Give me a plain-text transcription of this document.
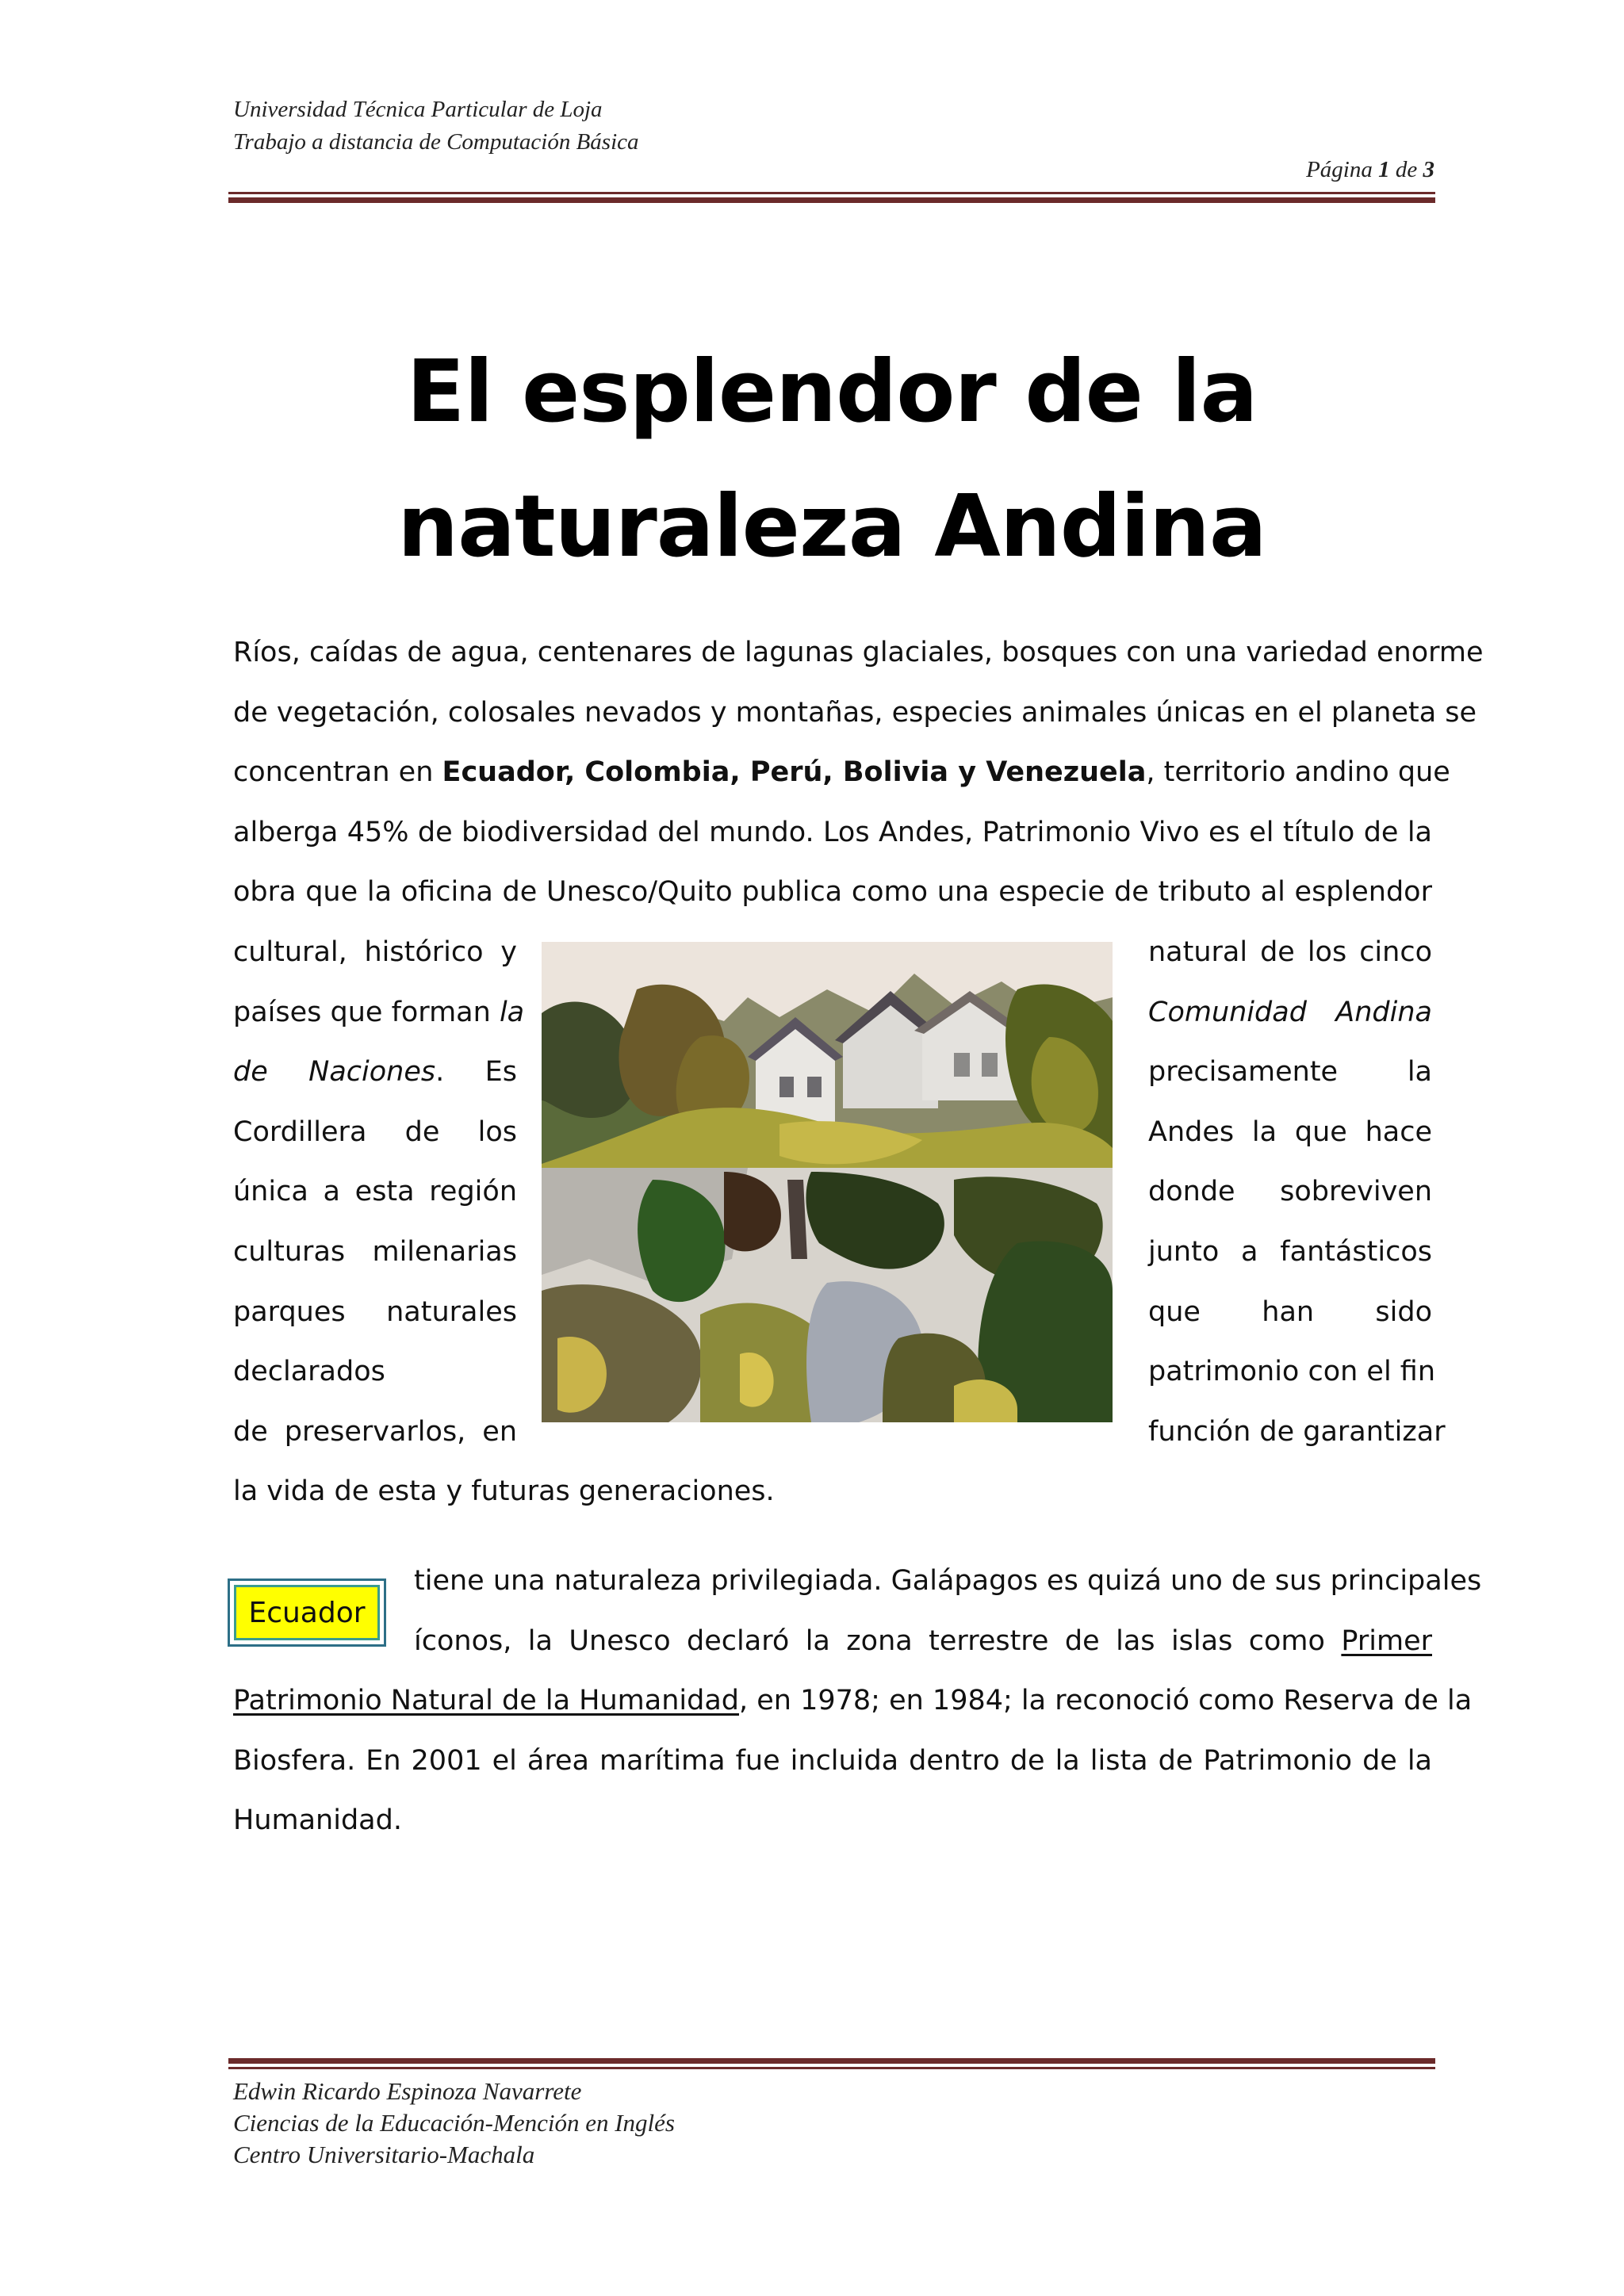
Universidad Técnica Particular de Loja
Trabajo a distancia de Computación Básica
Página 1 de 3
El esplendor de la
naturaleza Andina
Ríos, caídas de agua, centenares de lagunas glaciales, bosques con una variedad enorme
de vegetación, colosales nevados y montañas, especies animales únicas en el planeta se
concentran en Ecuador, Colombia, Perú, Bolivia y Venezuela, territorio andino que
alberga 45% de biodiversidad del mundo. Los Andes, Patrimonio Vivo es el título de la
obra que la oficina de Unesco/Quito publica como una especie de tributo al esplendor
cultural, histórico y
países que forman la
de Naciones. Es
Cordillera de los
única a esta región
culturas milenarias
parques naturales
declarados
de preservarlos, en
natural de los cinco
Comunidad Andina
precisamente la
Andes la que hace
donde sobreviven
junto a fantásticos
que han sido
patrimonio con el fin
función de garantizar
la vida de esta y futuras generaciones.
Ecuador
tiene una naturaleza privilegiada. Galápagos es quizá uno de sus principales
íconos, la Unesco declaró la zona terrestre de las islas como Primer
Patrimonio Natural de la Humanidad, en 1978; en 1984; la reconoció como Reserva de la
Biosfera. En 2001 el área marítima fue incluida dentro de la lista de Patrimonio de la
Humanidad.
Edwin Ricardo Espinoza Navarrete
Ciencias de la Educación-Mención en Inglés
Centro Universitario-Machala
